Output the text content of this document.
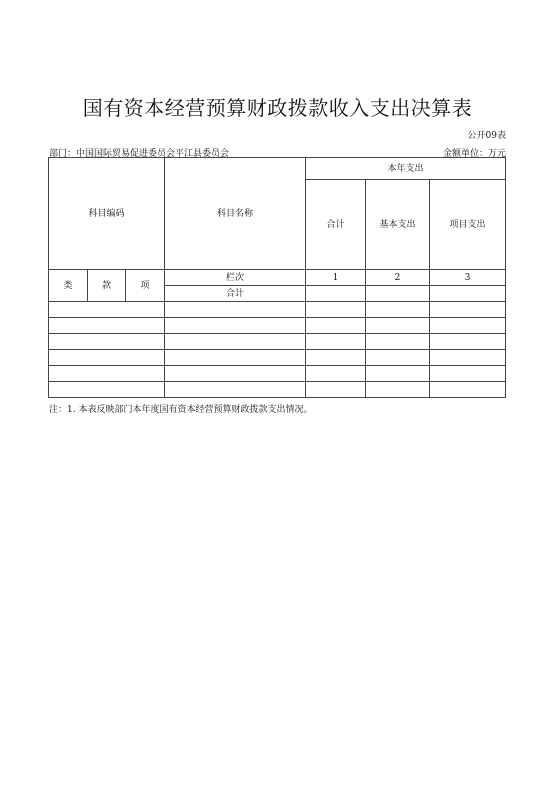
国有资本经营预算财政拨款收入支出决算表
公开09表
部门：中国国际贸易促进委员会平江县委员会	金额单位：万元
科目编码			科目名称	本年支出		
				合计	基本支出	项目支出

类	款	项	栏次	1	2	3
			合计			

注：1. 本表反映部门本年度国有资本经营预算财政拨款支出情况。
